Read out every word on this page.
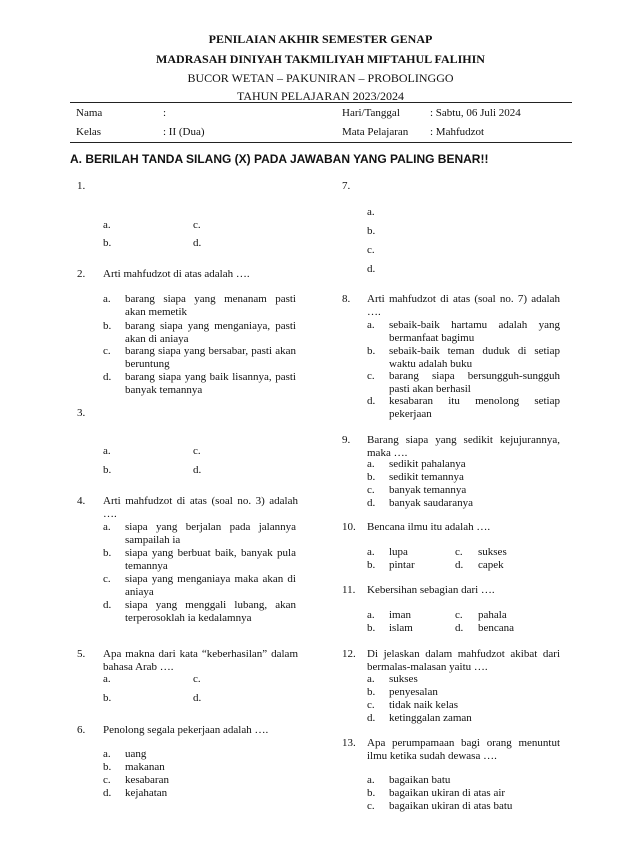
PENILAIAN AKHIR SEMESTER GENAP
MADRASAH DINIYAH TAKMILIYAH MIFTAHUL FALIHIN
BUCOR WETAN – PAKUNIRAN – PROBOLINGGO
TAHUN PELAJARAN 2023/2024
Nama	:	Hari/Tanggal	: Sabtu, 06 Juli 2024
Kelas	: II (Dua)	Mata Pelajaran : Mahfudzot
A. BERILAH TANDA SILANG (X) PADA JAWABAN YANG PALING BENAR!!
1.
a.	c.
b.	d.
2. Arti mahfudzot di atas adalah ….
a. barang siapa yang menanam pasti akan memetik
b. barang siapa yang menganiaya, pasti akan di aniaya
c. barang siapa yang bersabar, pasti akan beruntung
d. barang siapa yang baik lisannya, pasti banyak temannya
3.
a.	c.
b.	d.
4. Arti mahfudzot di atas (soal no. 3) adalah ….
a. siapa yang berjalan pada jalannya sampailah ia
b. siapa yang berbuat baik, banyak pula temannya
c. siapa yang menganiaya maka akan di aniaya
d. siapa yang menggali lubang, akan terperosoklah ia kedalamnya
5. Apa makna dari kata “keberhasilan” dalam bahasa Arab ….
a.	c.
b.	d.
6. Penolong segala pekerjaan adalah ….
a. uang
b. makanan
c. kesabaran
d. kejahatan
7.
a.
b.
c.
d.
8. Arti mahfudzot di atas (soal no. 7) adalah ….
a. sebaik-baik hartamu adalah yang bermanfaat bagimu
b. sebaik-baik teman duduk di setiap waktu adalah buku
c. barang siapa bersungguh-sungguh pasti akan berhasil
d. kesabaran itu menolong setiap pekerjaan
9. Barang siapa yang sedikit kejujurannya, maka ….
a. sedikit pahalanya
b. sedikit temannya
c. banyak temannya
d. banyak saudaranya
10. Bencana ilmu itu adalah ….
a. lupa	c. sukses
b. pintar	d. capek
11. Kebersihan sebagian dari ….
a. iman	c. pahala
b. islam	d. bencana
12. Di jelaskan dalam mahfudzot akibat dari bermalas-malasan yaitu ….
a. sukses
b. penyesalan
c. tidak naik kelas
d. ketinggalan zaman
13. Apa perumpamaan bagi orang menuntut ilmu ketika sudah dewasa ….
a. bagaikan batu
b. bagaikan ukiran di atas air
c. bagaikan ukiran di atas batu
